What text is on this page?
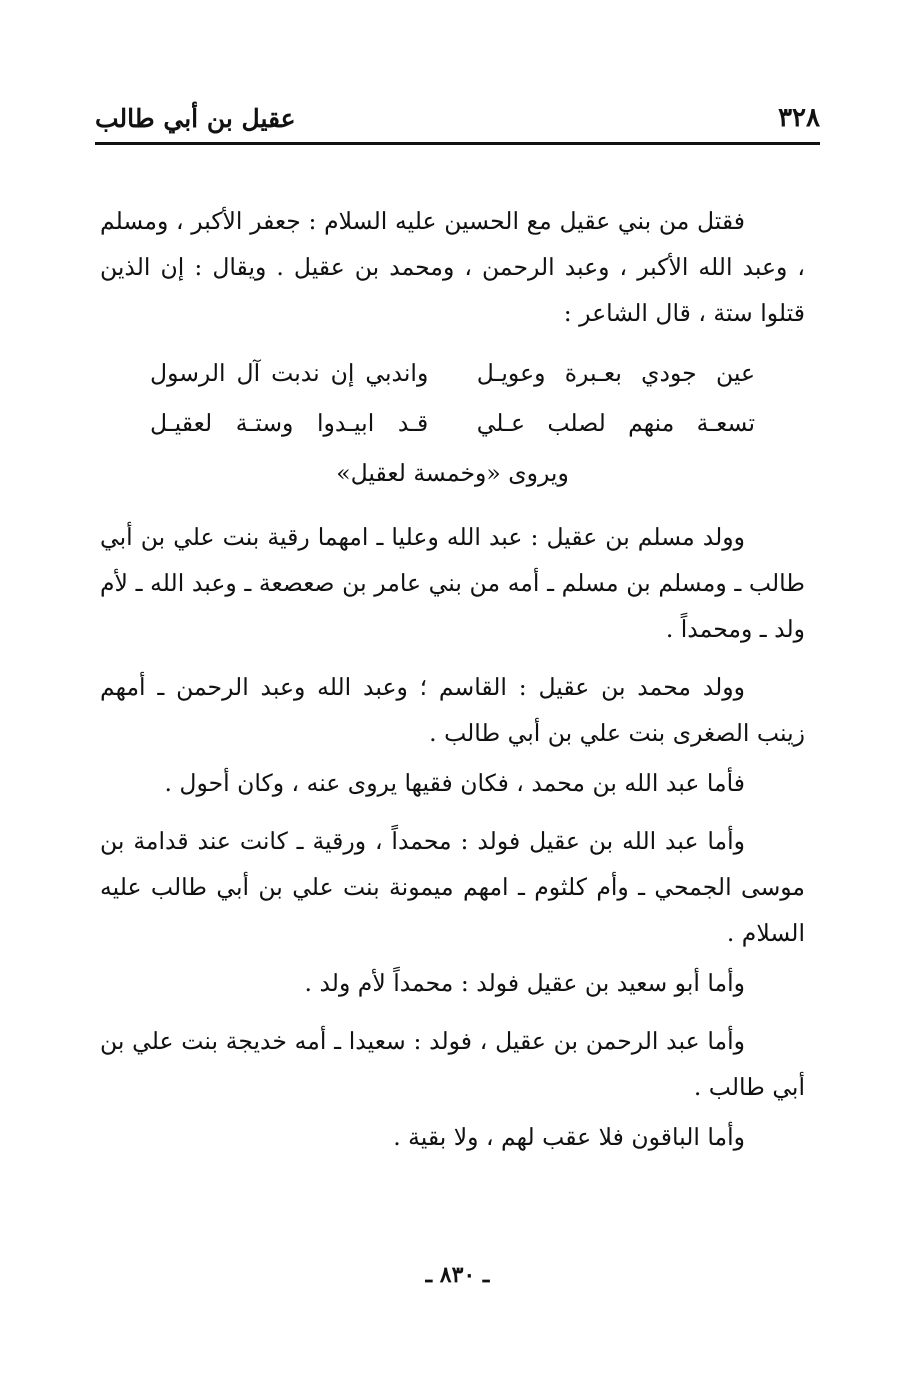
٣٢٨
عقيل بن أبي طالب

فقتل من بني عقيل مع الحسين عليه السلام : جعفر الأكبر ، ومسلم ، وعبد الله الأكبر ، وعبد الرحمن ، ومحمد بن عقيل . ويقال : إن الذين قتلوا ستة ، قال الشاعر :

عين جودي بعـبرة وعويـل
واندبي إن ندبت آل الرسول
تسعـة منهم لصلب عـلي
قـد ابيـدوا وستـة لعقيـل
ويروى «وخمسة لعقيل»

وولد مسلم بن عقيل : عبد الله وعليا ـ امهما رقية بنت علي بن أبي طالب ـ ومسلم بن مسلم ـ أمه من بني عامر بن صعصعة ـ وعبد الله ـ لأم ولد ـ ومحمداً .

وولد محمد بن عقيل : القاسم ؛ وعبد الله وعبد الرحمن ـ أمهم زينب الصغرى بنت علي بن أبي طالب .

فأما عبد الله بن محمد ، فكان فقيها يروى عنه ، وكان أحول .

وأما عبد الله بن عقيل فولد : محمداً ، ورقية ـ كانت عند قدامة بن موسى الجمحي ـ وأم كلثوم ـ امهم ميمونة بنت علي بن أبي طالب عليه السلام .

وأما أبو سعيد بن عقيل فولد : محمداً لأم ولد .

وأما عبد الرحمن بن عقيل ، فولد : سعيدا ـ أمه خديجة بنت علي بن أبي طالب .

وأما الباقون فلا عقب لهم ، ولا بقية .

ـ ٨٣٠ ـ
